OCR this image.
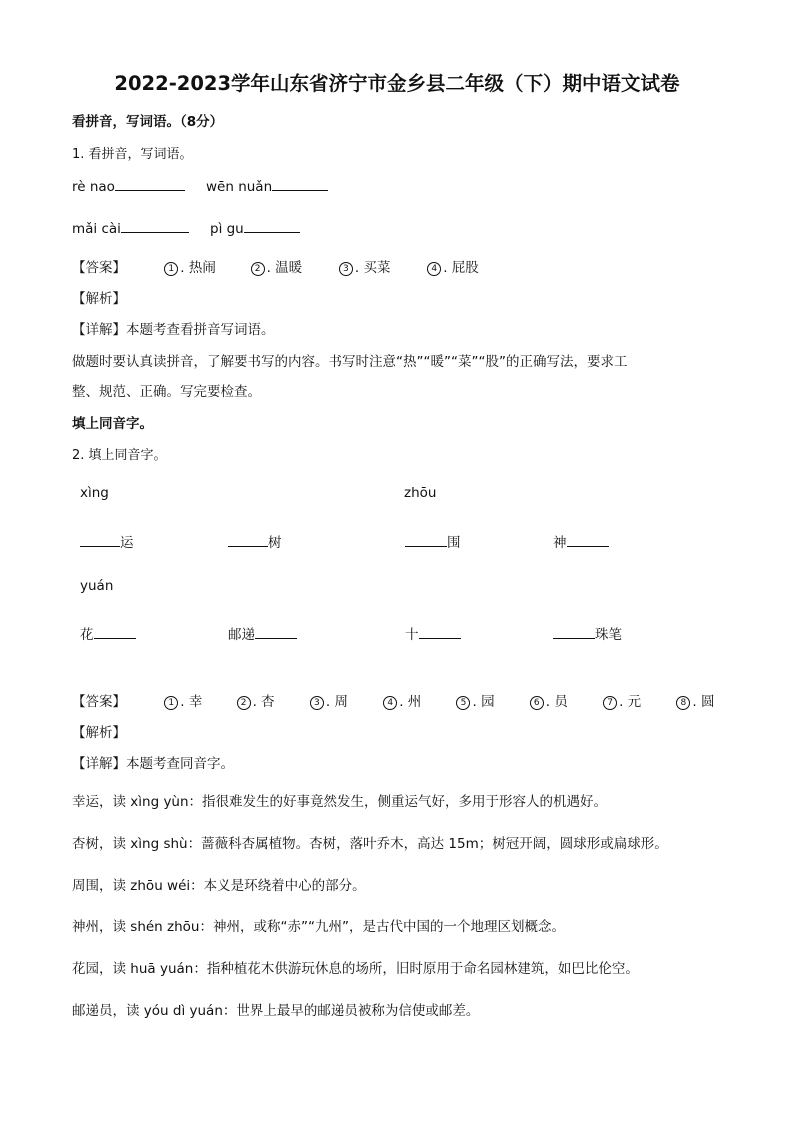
2022-2023学年山东省济宁市金乡县二年级（下）期中语文试卷
看拼音，写词语。（8分）
1. 看拼音，写词语。
rè nao	wēn nuǎn
mǎi cài	pì gu
【答案】	1 . 热闹	2 . 温暖	3 . 买菜	4 . 屁股
【解析】
【详解】本题考查看拼音写词语。
做题时要认真读拼音，了解要书写的内容。书写时注意“热”“暖”“菜”“股”的正确写法，要求工
整、规范、正确。写完要检查。
填上同音字。
2. 填上同音字。
xìng	zhōu
运	树	围	神
yuán
花	邮递	十	珠笔
【答案】	1 . 幸	2 . 杏	3 . 周	4 . 州	5 . 园	6 . 员	7 . 元	8 . 圆
【解析】
【详解】本题考查同音字。
幸运，读 xìng yùn：指很难发生的好事竟然发生，侧重运气好，多用于形容人的机遇好。
杏树，读 xìng shù：蔷薇科杏属植物。杏树，落叶乔木，高达 15m；树冠开阔，圆球形或扁球形。
周围，读 zhōu wéi：本义是环绕着中心的部分。
神州，读 shén zhōu：神州，或称“赤”“九州”，是古代中国的一个地理区划概念。
花园，读 huā yuán：指种植花木供游玩休息的场所，旧时原用于命名园林建筑，如巴比伦空。
邮递员，读 yóu dì yuán：世界上最早的邮递员被称为信使或邮差。
